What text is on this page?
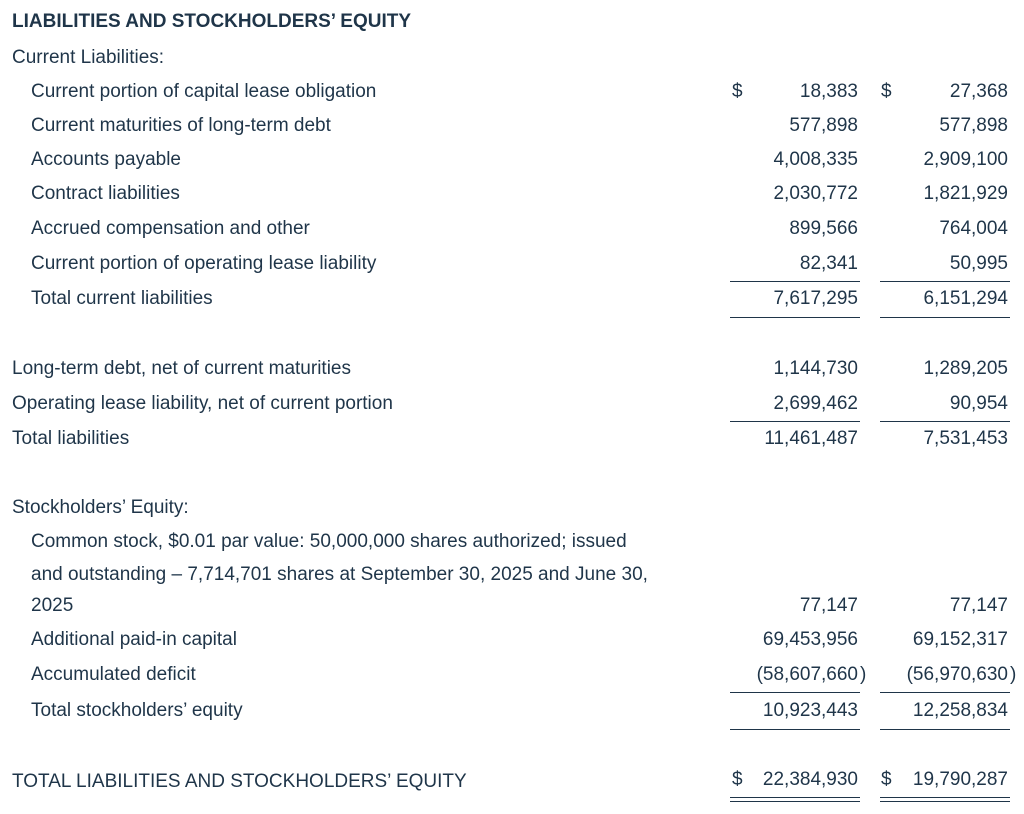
LIABILITIES AND STOCKHOLDERS’ EQUITY
Current Liabilities:
Current portion of capital lease obligation	$	18,383 $	27,368
Current maturities of long-term debt	577,898	577,898
Accounts payable	4,008,335	2,909,100
Contract liabilities	2,030,772	1,821,929
Accrued compensation and other	899,566	764,004
Current portion of operating lease liability	82,341	50,995
Total current liabilities	7,617,295	6,151,294
Long-term debt, net of current maturities	1,144,730	1,289,205
Operating lease liability, net of current portion	2,699,462	90,954
Total liabilities	11,461,487	7,531,453
Stockholders’ Equity:
Common stock, $0.01 par value: 50,000,000 shares authorized; issued
and outstanding – 7,714,701 shares at September 30, 2025 and June 30,
2025	77,147	77,147
Additional paid-in capital	69,453,956	69,152,317
Accumulated deficit	(58,607,660 )	(56,970,630 )
Total stockholders’ equity	10,923,443	12,258,834
TOTAL LIABILITIES AND STOCKHOLDERS’ EQUITY	$	22,384,930 $	19,790,287
